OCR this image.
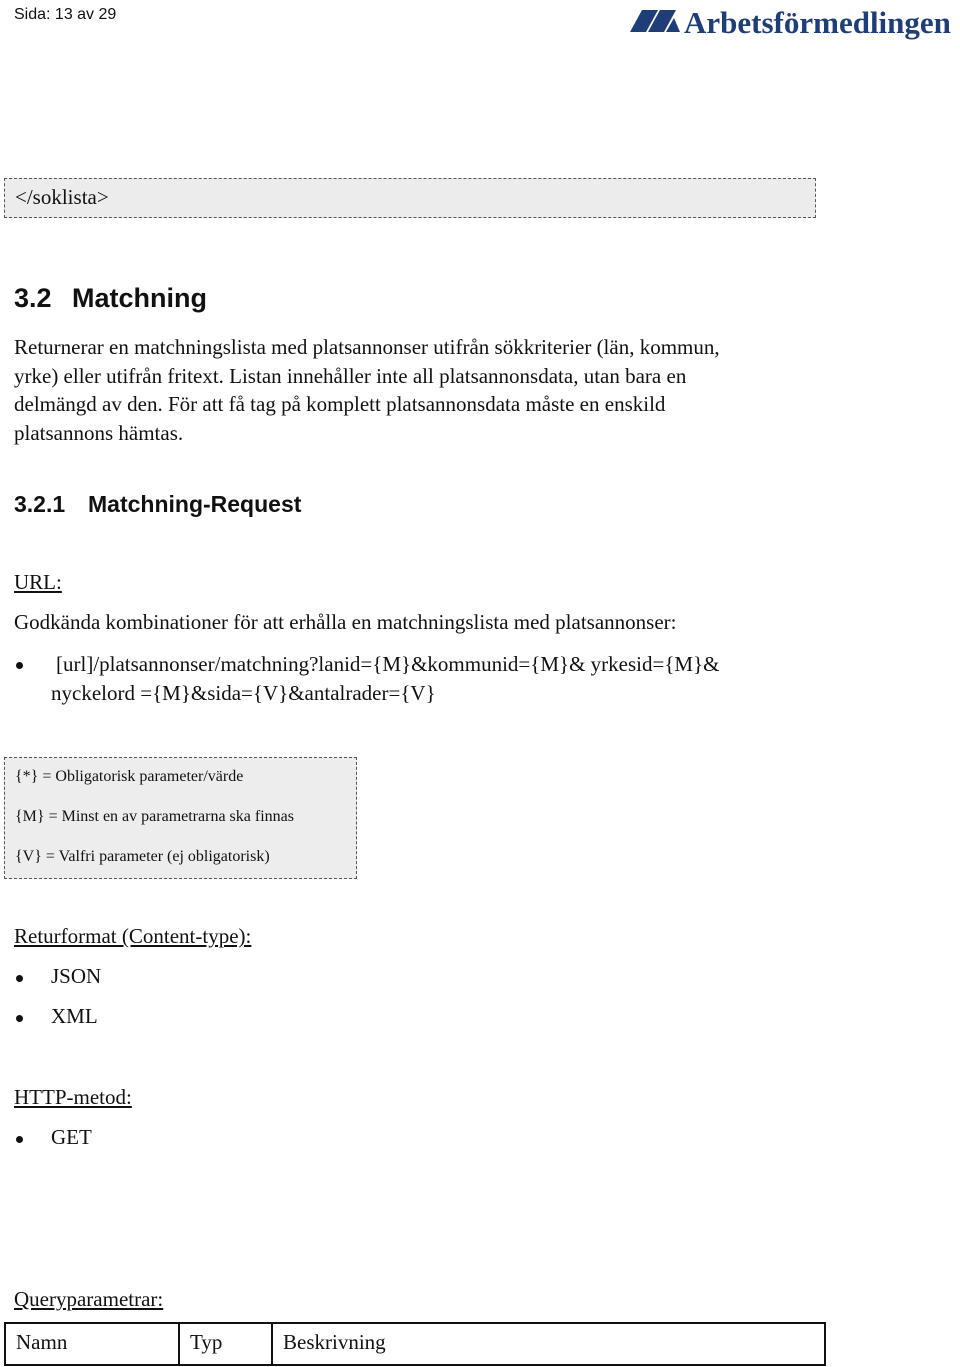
Sida: 13 av 29	Arbetsförmedlingen
</soklista>
3.2 Matchning
Returnerar en matchningslista med platsannonser utifrån sökkriterier (län, kommun,
yrke) eller utifrån fritext. Listan innehåller inte all platsannonsdata, utan bara en
delmängd av den. För att få tag på komplett platsannonsdata måste en enskild
platsannons hämtas.
3.2.1 Matchning-Request
URL:
Godkända kombinationer för att erhålla en matchningslista med platsannonser:
[url]/platsannonser/matchning?lanid={M}&kommunid={M}& yrkesid={M}&
nyckelord ={M}&sida={V}&antalrader={V}
{*} = Obligatorisk parameter/värde
{M} = Minst en av parametrarna ska finnas
{V} = Valfri parameter (ej obligatorisk)
Returformat (Content-type):
JSON
XML
HTTP-metod:
GET
Queryparametrar:
Namn	Typ	Beskrivning
